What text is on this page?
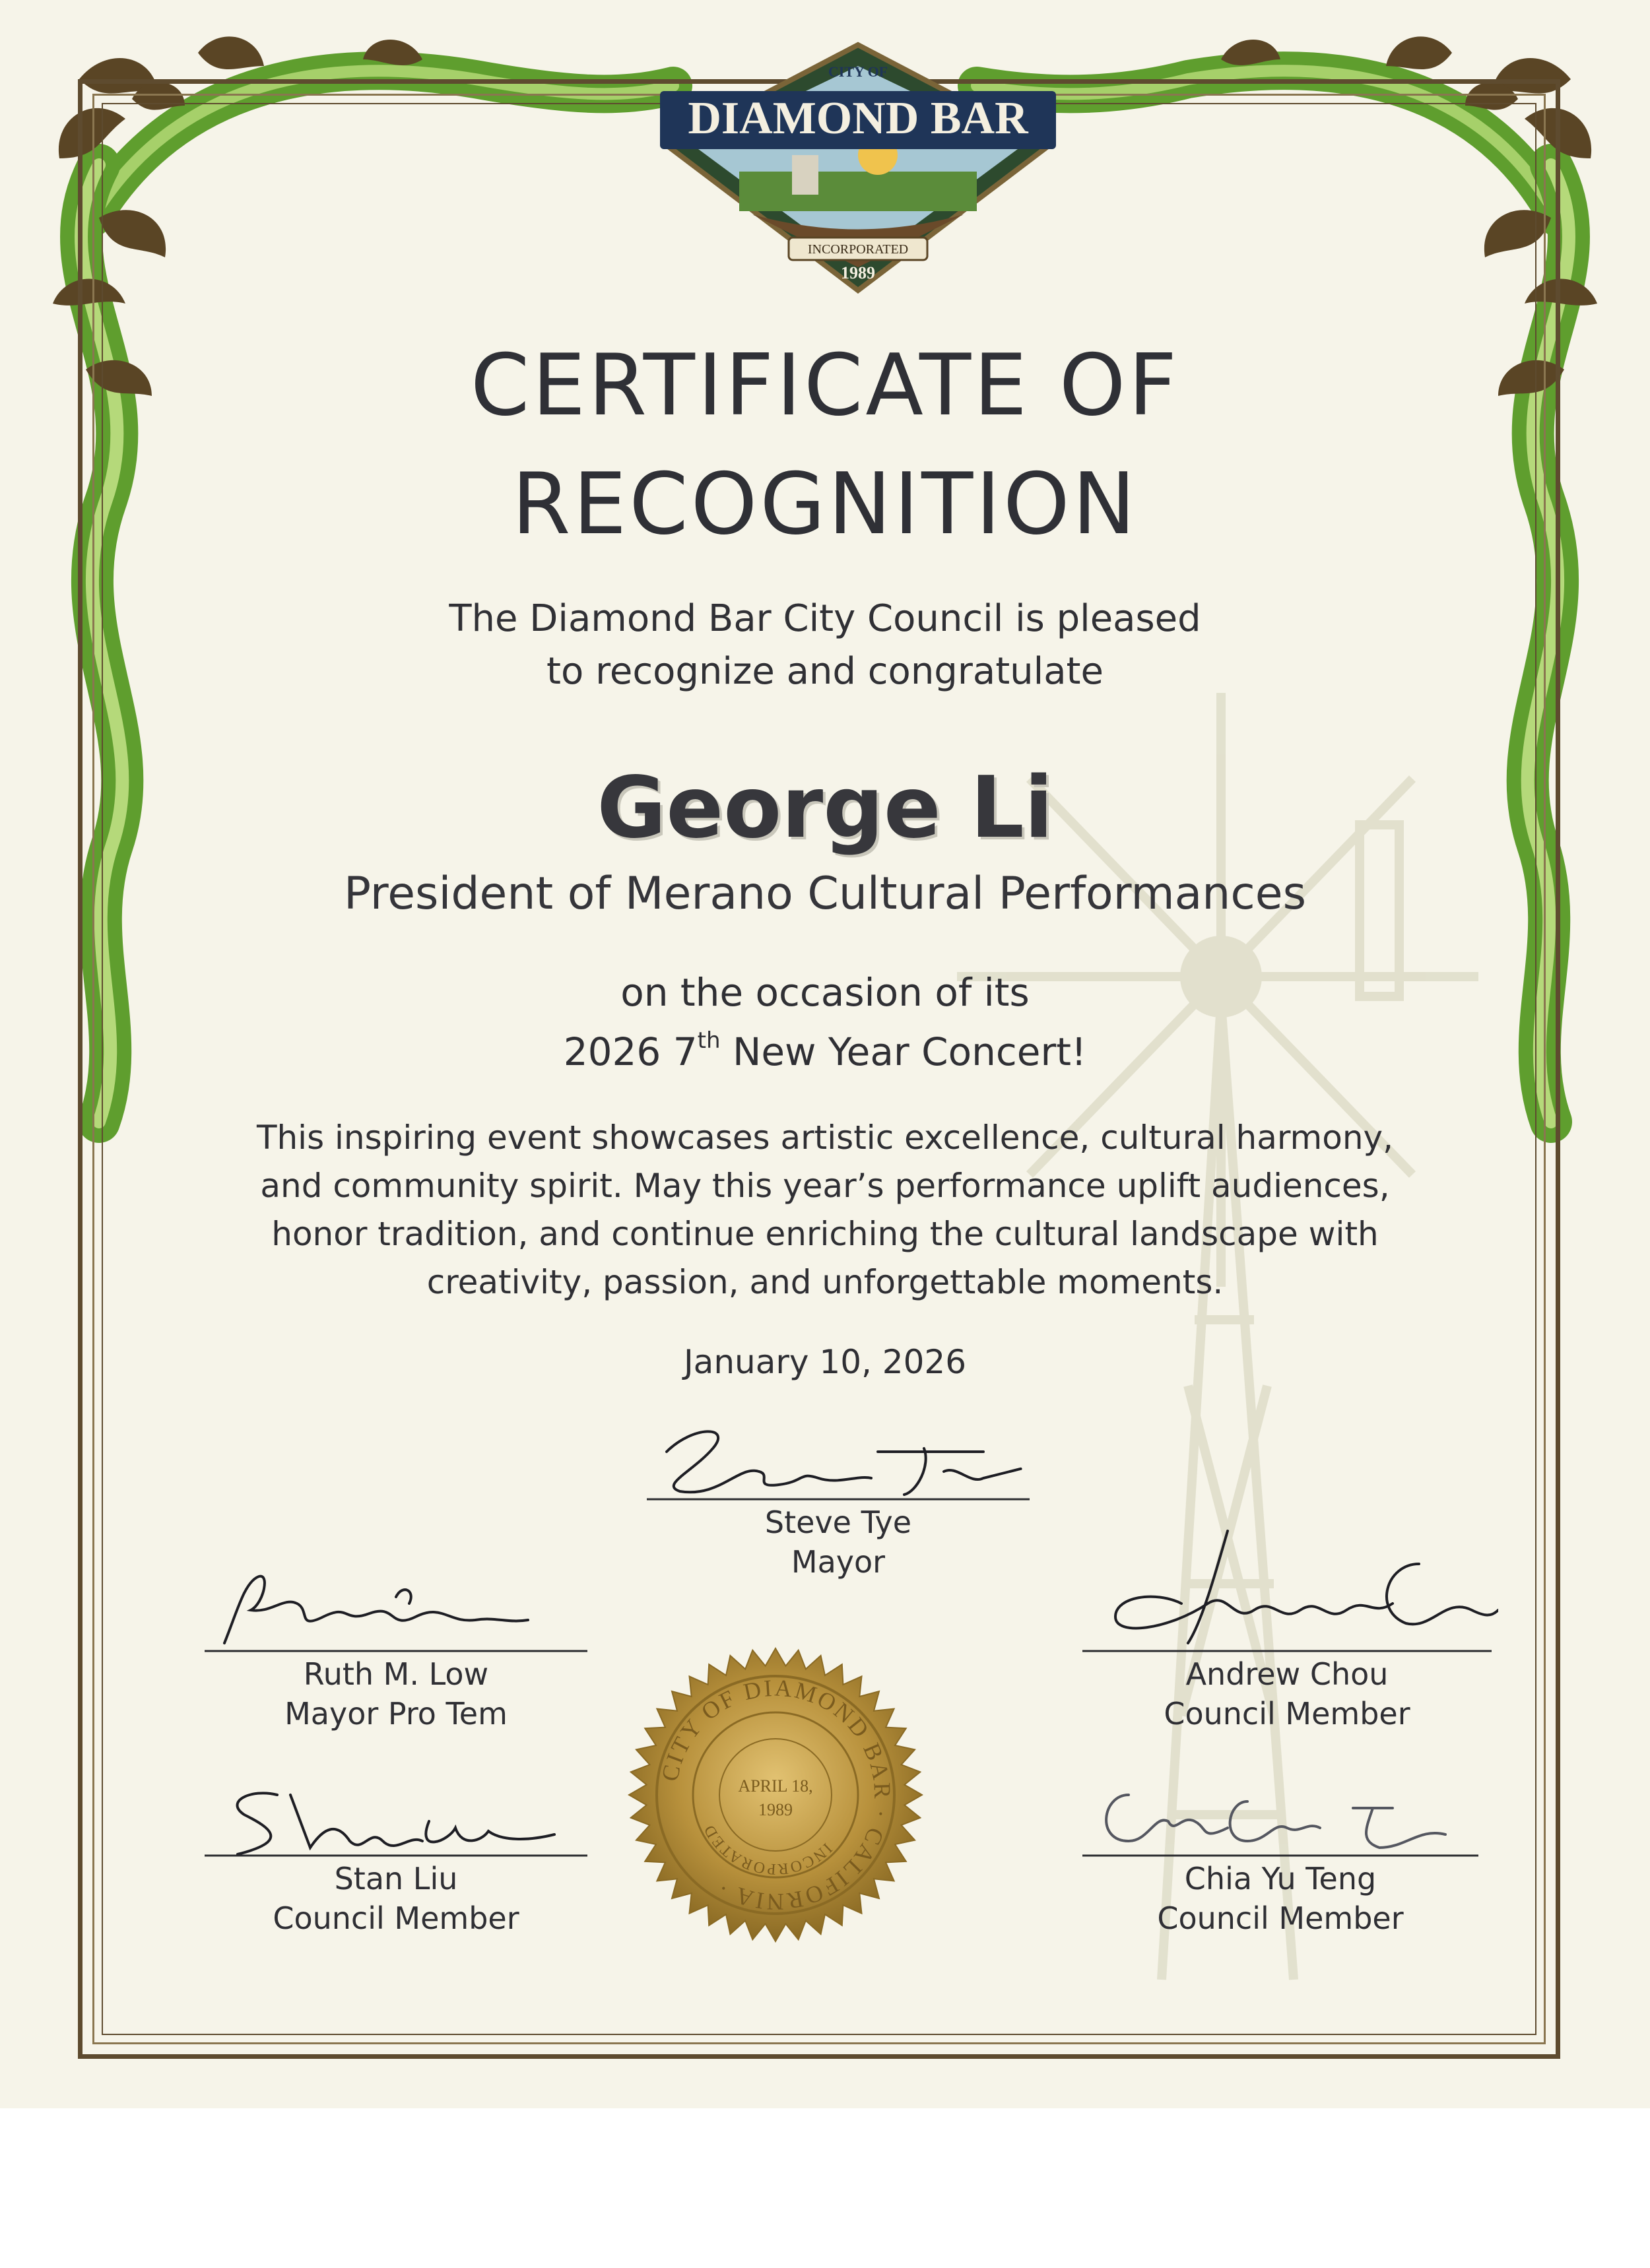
DIAMOND BAR
CITY OF
INCORPORATED
1989
CERTIFICATE OF
RECOGNITION
The Diamond Bar City Council is pleased
to recognize and congratulate
George Li
President of Merano Cultural Performances
on the occasion of its
2026 7th New Year Concert!
This inspiring event showcases artistic excellence, cultural harmony,
and community spirit. May this year’s performance uplift audiences,
honor tradition, and continue enriching the cultural landscape with
creativity, passion, and unforgettable moments.
January 10, 2026
Steve Tye
Mayor
Ruth M. Low
Mayor Pro Tem
Andrew Chou
Council Member
Stan Liu
Council Member
Chia Yu Teng
Council Member
CITY OF DIAMOND BAR · CALIFORNIA ·
INCORPORATED
APRIL 18,
1989
